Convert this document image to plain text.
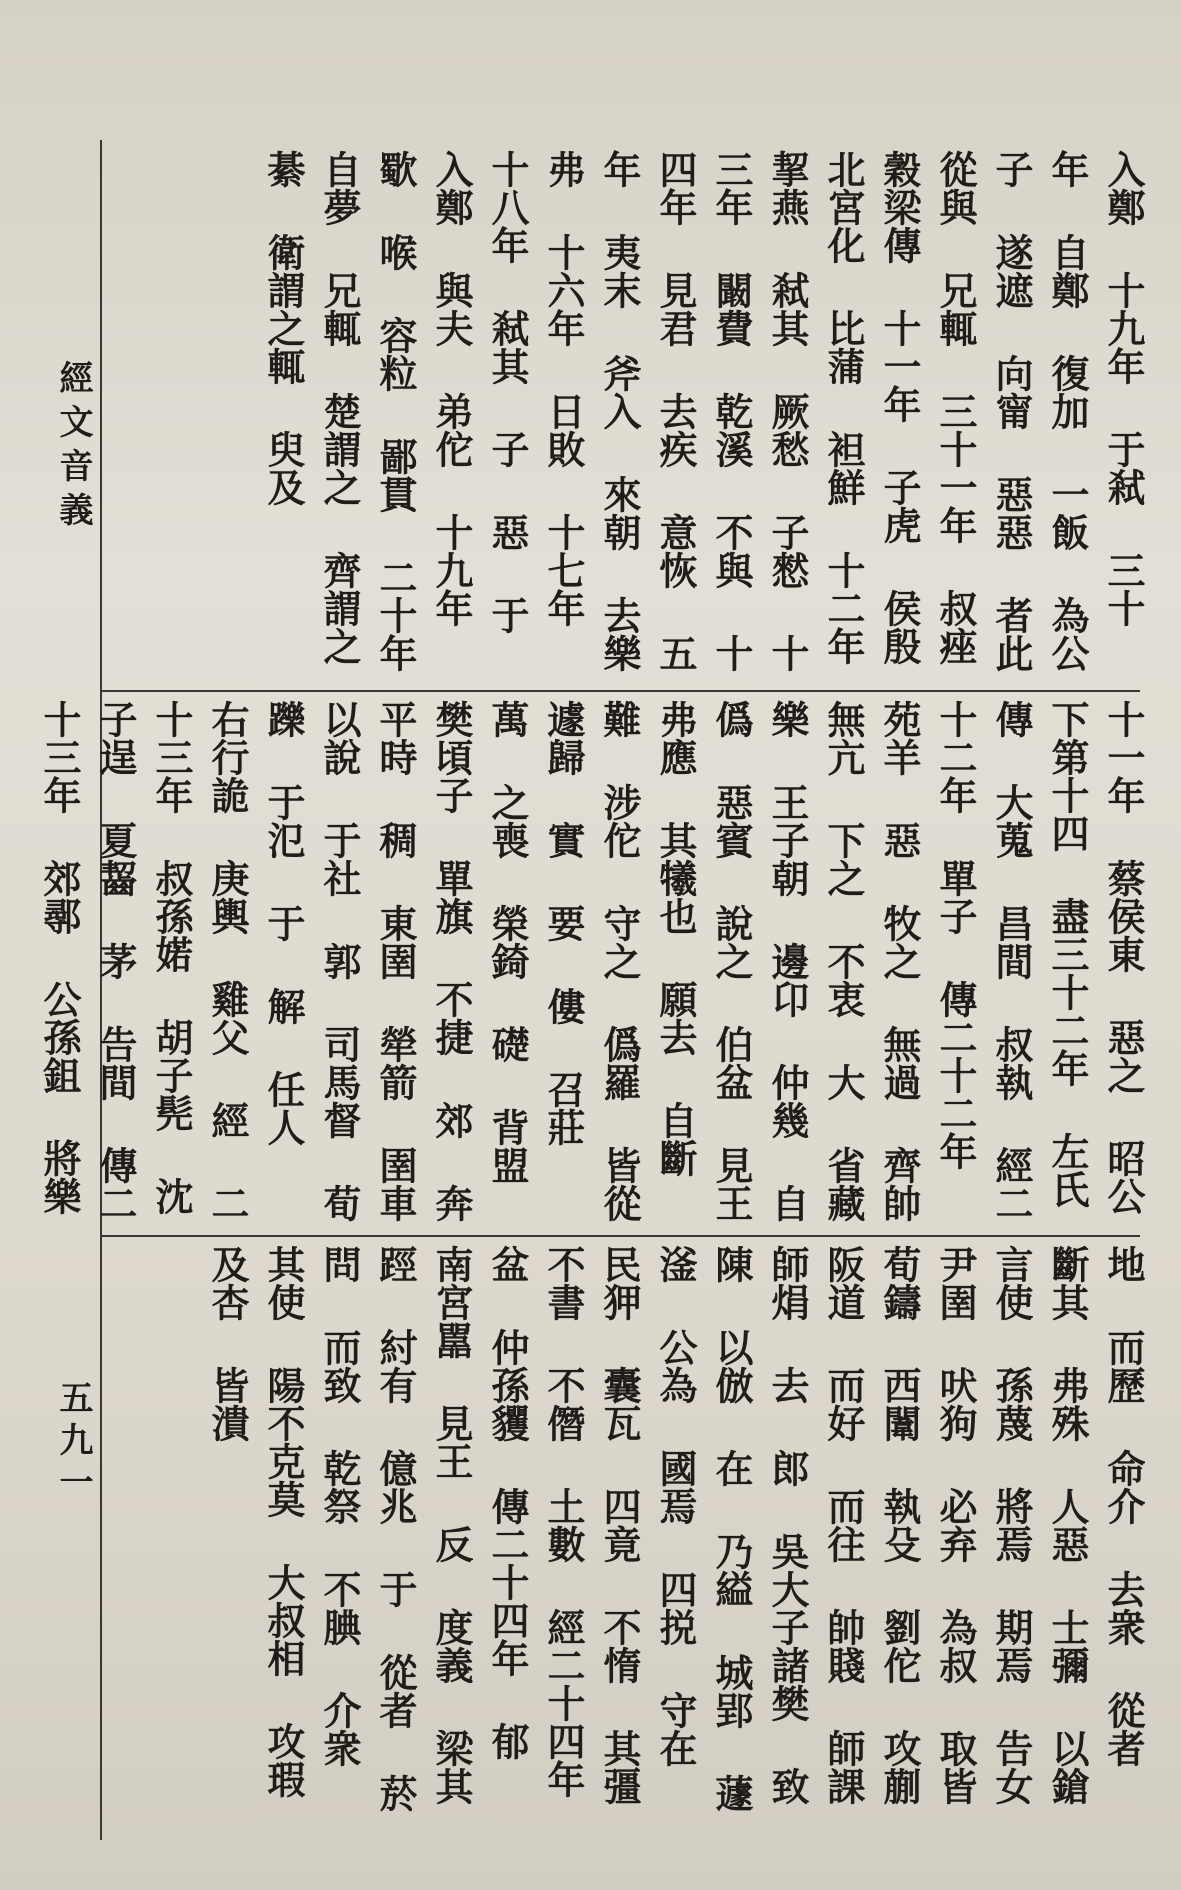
經文音義
五九一

入鄭 十九年 于弒 三十 年 自鄭 復加 一飯 為公子 遂遮 向甯 惡惡 者此 從與 兄輒 三十一年 叔痤 穀梁傳 十一年 子虎 侯殷 北宮化 比蒲 袒鮮 十二年 挈燕 弒其 厥愁 子憖 十三年 闞費 乾溪 不與 十四年 見君 去疾 意恢 五年 夷末 斧入 來朝 去樂 弗 十六年 日敗 十七年 十八年 弒其 子 惡 于 入鄭 與夫 弟佗 十九年 歜 喉 容粒 鄙貫 二十年 自夢 兄輒 楚謂之 齊謂之綦 衛謂之輒 臾及

十一年 蔡侯東 惡之 昭公下第十四 盡三十二年 左氏傳 大蒐 昌間 叔執 經二十二年 單子 傳二十二年 苑羊 惡 牧之 無過 齊帥 無亢 下之 不衷 大 省藏 樂 王子朝 邊卬 仲幾 自僞 惡賓 說之 伯盆 見王 弗應 其犧也 願去 自斷 難 涉佗 守之 僞羅 皆從 遽歸 實 要 僂 召莊 萬 之喪 榮錡 礎 背盟 樊頃子 單旗 不捷 郊 奔平時 稠 東圉 犖箭 圉車 以說 于社 郭 司馬督 荀躒 于氾 于 解 任人 右行詭 庚輿 雞父 經 二十三年 叔孫婼 胡子髡 沈子逞 夏齧 茅 告間 傳二十三年 郊鄩 公孫鉏 將樂

地 而歷 命介 去衆 從者 斷其 弗殊 人惡 士彌 以鎗 言使 孫蔑 將焉 期焉 告女 尹圉 吠狗 必弃 為叔 取皆 荀鑄 西闈 執殳 劉佗 攻蒯 阪道 而好 而往 帥賤 師課 師焆 去 郎 吳大子諸樊 致陳 以倣 在 乃縊 城郢 蘧滏 公為 國焉 四捝 守在 民狎 囊瓦 四竟 不惰 其彊 不書 不僭 土數 經二十四年 盆 仲孫貜 傳二十四年 郁 南宮嚚 見王 反 度義 梁其踁 紂有 億兆 于 從者 菸問 而致 乾祭 不腆 介衆 其使 陽不克莫 大叔相 攻瑕 及杏 皆潰
